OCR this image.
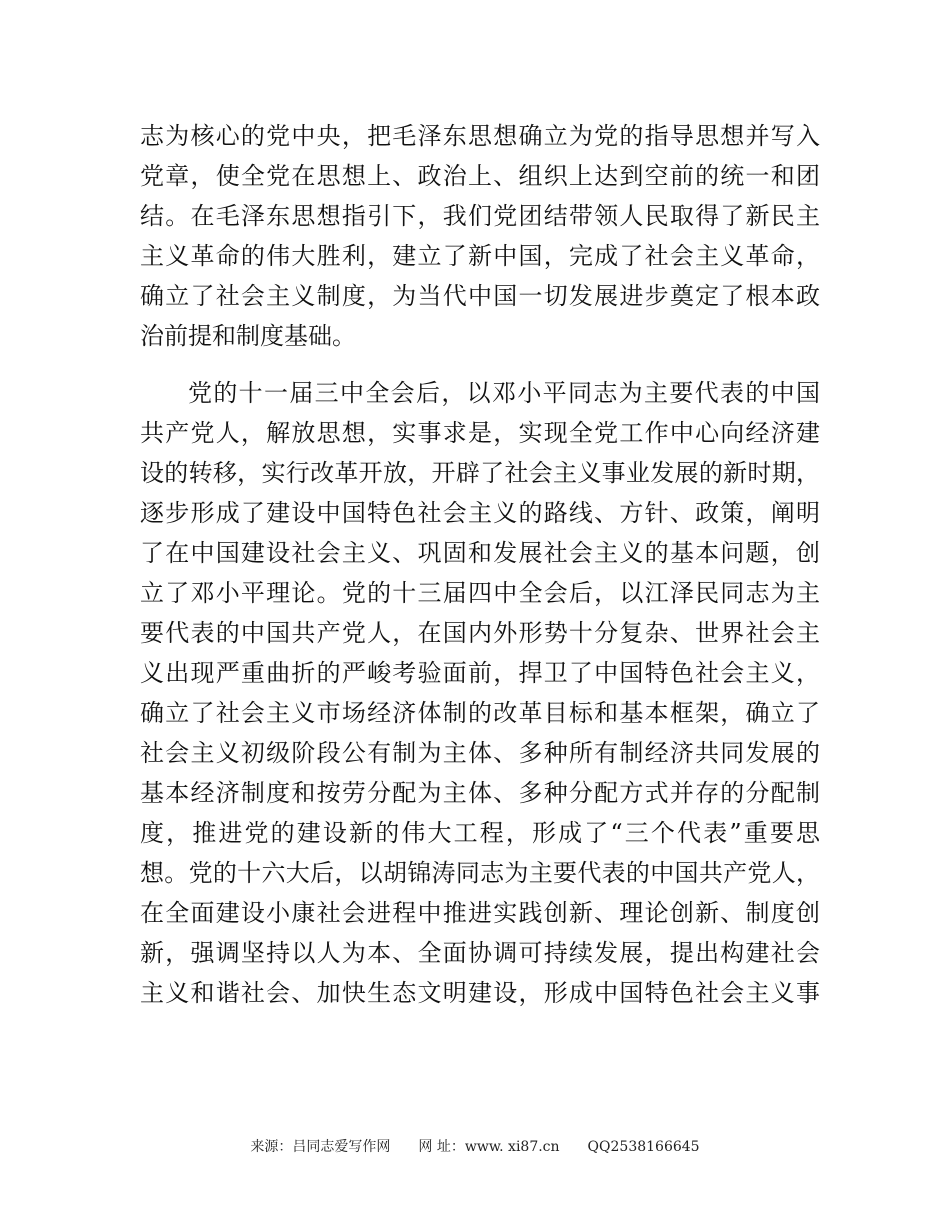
志为核心的党中央，把毛泽东思想确立为党的指导思想并写入
党章，使全党在思想上、政治上、组织上达到空前的统一和团
结。在毛泽东思想指引下，我们党团结带领人民取得了新民主
主义革命的伟大胜利，建立了新中国，完成了社会主义革命，
确立了社会主义制度，为当代中国一切发展进步奠定了根本政
治前提和制度基础。
党的十一届三中全会后，以邓小平同志为主要代表的中国
共产党人，解放思想，实事求是，实现全党工作中心向经济建
设的转移，实行改革开放，开辟了社会主义事业发展的新时期，
逐步形成了建设中国特色社会主义的路线、方针、政策，阐明
了在中国建设社会主义、巩固和发展社会主义的基本问题，创
立了邓小平理论。党的十三届四中全会后，以江泽民同志为主
要代表的中国共产党人，在国内外形势十分复杂、世界社会主
义出现严重曲折的严峻考验面前，捍卫了中国特色社会主义，
确立了社会主义市场经济体制的改革目标和基本框架，确立了
社会主义初级阶段公有制为主体、多种所有制经济共同发展的
基本经济制度和按劳分配为主体、多种分配方式并存的分配制
度，推进党的建设新的伟大工程，形成了“三个代表”重要思
想。党的十六大后，以胡锦涛同志为主要代表的中国共产党人，
在全面建设小康社会进程中推进实践创新、理论创新、制度创
新，强调坚持以人为本、全面协调可持续发展，提出构建社会
主义和谐社会、加快生态文明建设，形成中国特色社会主义事
来源：吕同志爱写作网 网 址：www. xi87.cn QQ2538166645
